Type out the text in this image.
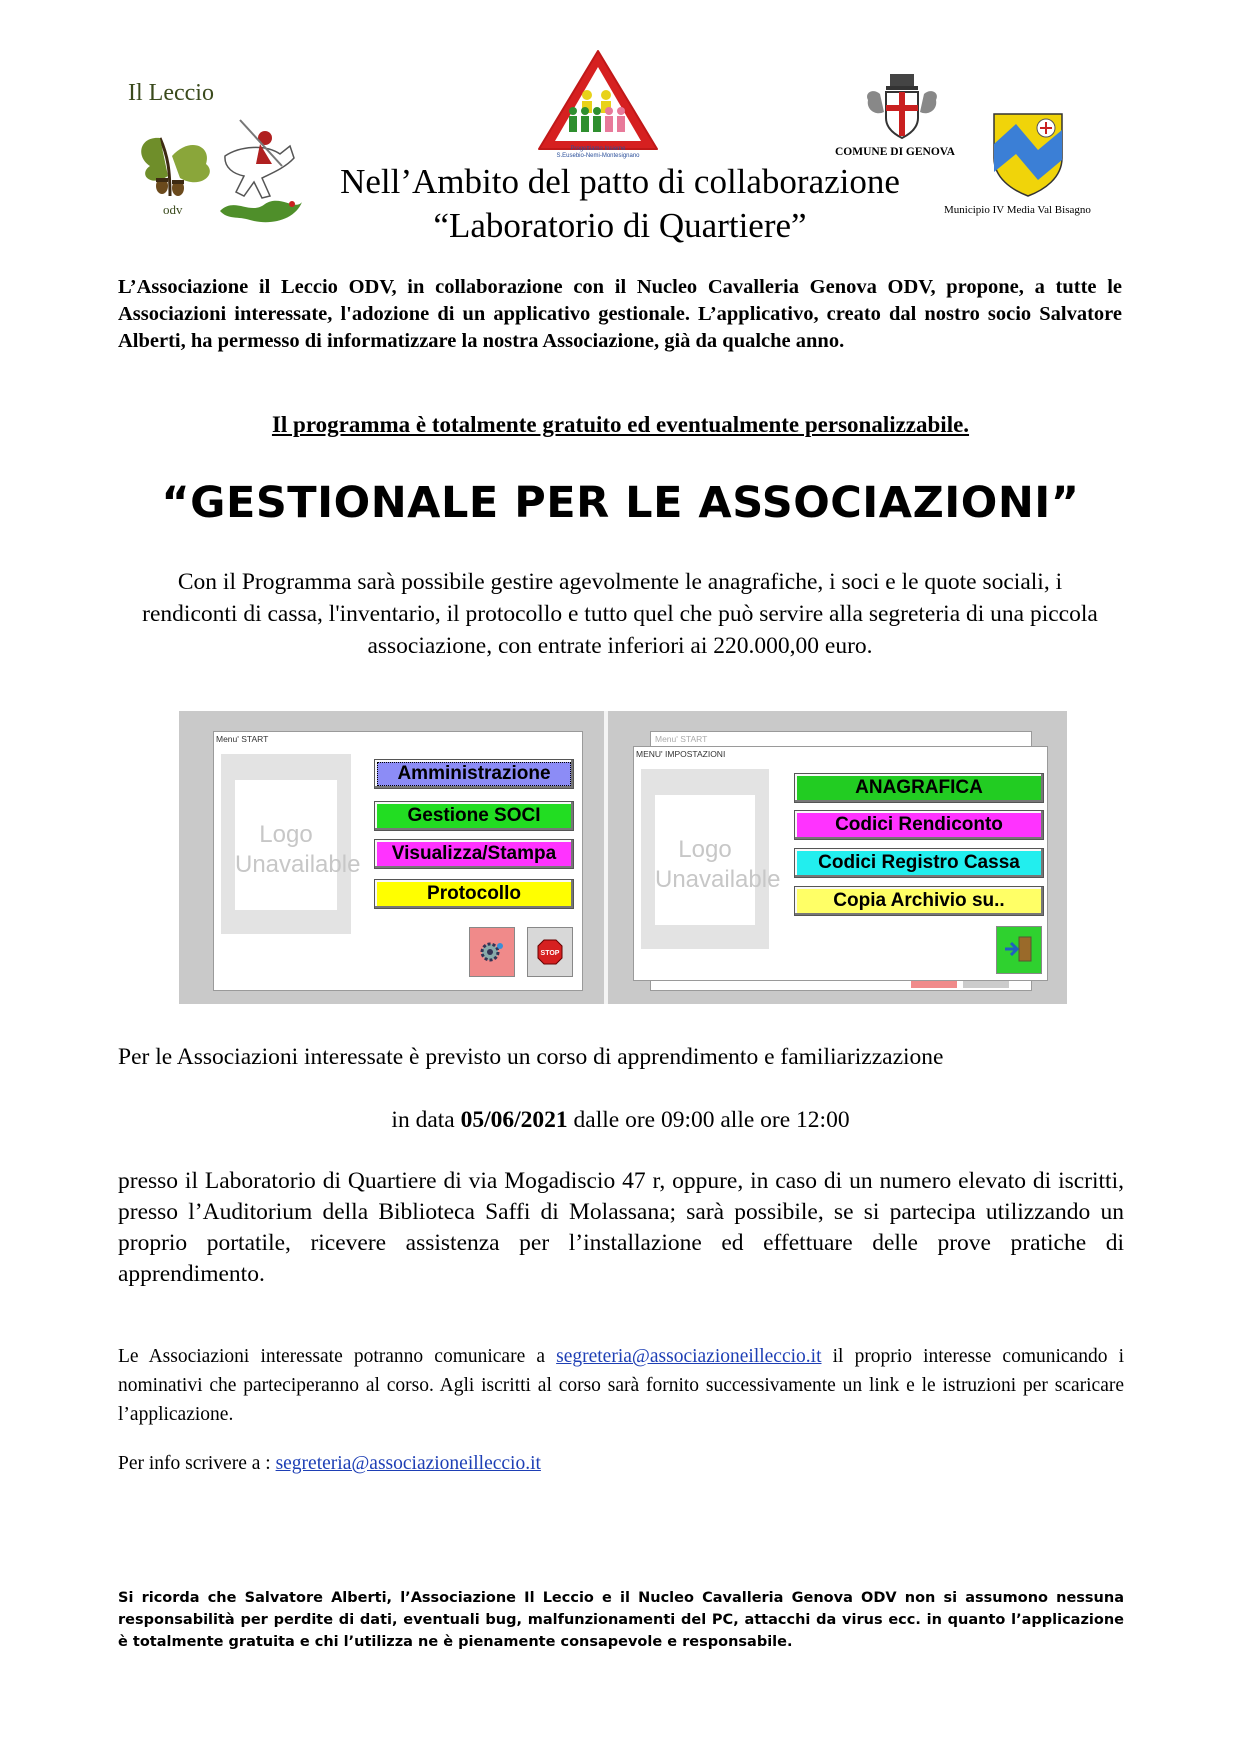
Il Leccio
odv
Progettiamo Insieme
S.Eusebio-Nemi-Montesignano	COMUNE DI GENOVA
Municipio IV Media Val Bisagno
Nell’Ambito del patto di collaborazione
“Laboratorio di Quartiere”
L’Associazione il Leccio ODV, in collaborazione con il Nucleo Cavalleria Genova ODV, propone, a tutte le Associazioni interessate, l'adozione di un applicativo gestionale. L’applicativo, creato dal nostro socio Salvatore Alberti, ha permesso di informatizzare la nostra Associazione, già da qualche anno.
Il programma è totalmente gratuito ed eventualmente personalizzabile.
“GESTIONALE PER LE ASSOCIAZIONI”
Con il Programma sarà possibile gestire agevolmente le anagrafiche, i soci e le quote sociali, i rendiconti di cassa, l'inventario, il protocollo e tutto quel che può servire alla segreteria di una piccola associazione, con entrate inferiori ai 220.000,00 euro.
Menu' START
Logo
Unavailable
Amministrazione
Gestione SOCI
Visualizza/Stampa
Protocollo
STOP
Menu' START
MENU' IMPOSTAZIONI
Logo
Unavailable
ANAGRAFICA
Codici Rendiconto
Codici Registro Cassa
Copia Archivio su..
Per le Associazioni interessate è previsto un corso di apprendimento e familiarizzazione
in data 05/06/2021 dalle ore 09:00 alle ore 12:00
presso il Laboratorio di Quartiere di via Mogadiscio 47 r, oppure, in caso di un numero elevato di iscritti, presso l’Auditorium della Biblioteca Saffi di Molassana; sarà possibile, se si partecipa utilizzando un proprio portatile, ricevere assistenza per l’installazione ed effettuare delle prove pratiche di apprendimento.
Le Associazioni interessate potranno comunicare a segreteria@associazioneilleccio.it il proprio interesse comunicando i nominativi che parteciperanno al corso. Agli iscritti al corso sarà fornito successivamente un link e le istruzioni per scaricare l’applicazione.
Per info scrivere a : segreteria@associazioneilleccio.it
Si ricorda che Salvatore Alberti, l’Associazione Il Leccio e il Nucleo Cavalleria Genova ODV non si assumono nessuna responsabilità per perdite di dati, eventuali bug, malfunzionamenti del PC, attacchi da virus ecc. in quanto l’applicazione è totalmente gratuita e chi l’utilizza ne è pienamente consapevole e responsabile.
